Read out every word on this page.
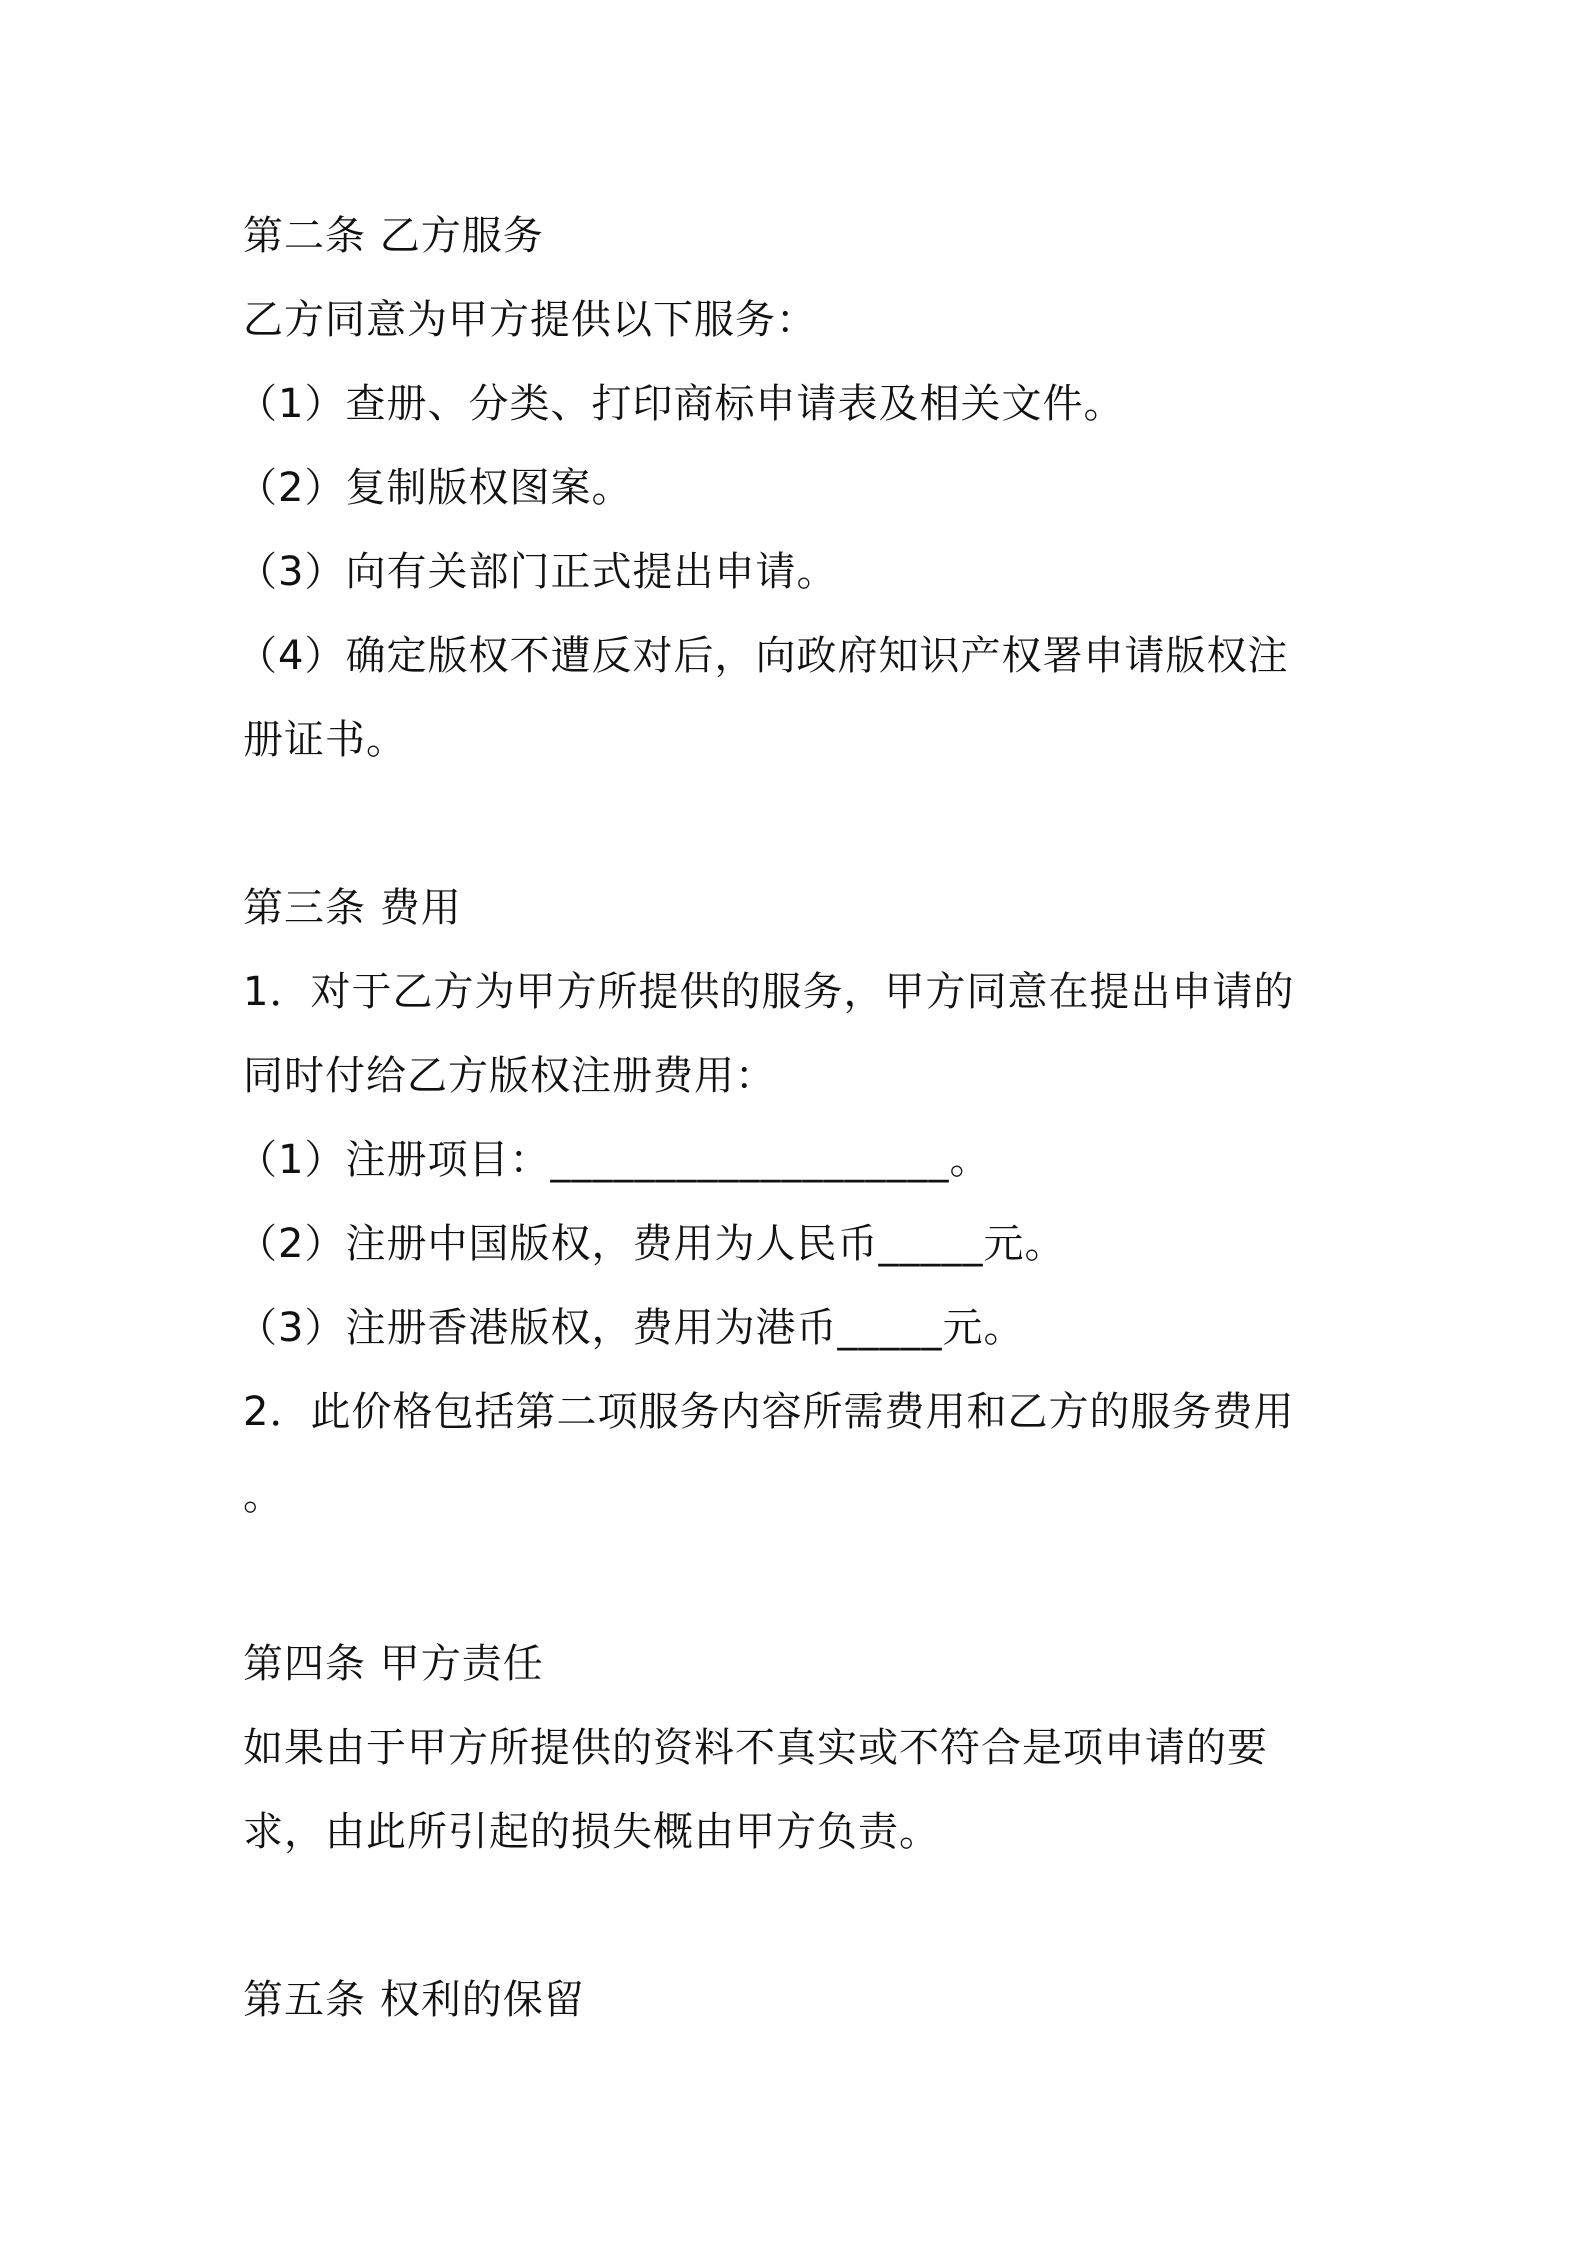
第二条 乙方服务

乙方同意为甲方提供以下服务：

（1）查册、分类、打印商标申请表及相关文件。

（2）复制版权图案。

（3）向有关部门正式提出申请。

（4）确定版权不遭反对后，向政府知识产权署申请版权注

册证书。

第三条 费用

1．对于乙方为甲方所提供的服务，甲方同意在提出申请的

同时付给乙方版权注册费用：

（1）注册项目：___________________。

（2）注册中国版权，费用为人民币_____元。

（3）注册香港版权，费用为港币_____元。

2．此价格包括第二项服务内容所需费用和乙方的服务费用

。

第四条 甲方责任

如果由于甲方所提供的资料不真实或不符合是项申请的要

求，由此所引起的损失概由甲方负责。

第五条 权利的保留
